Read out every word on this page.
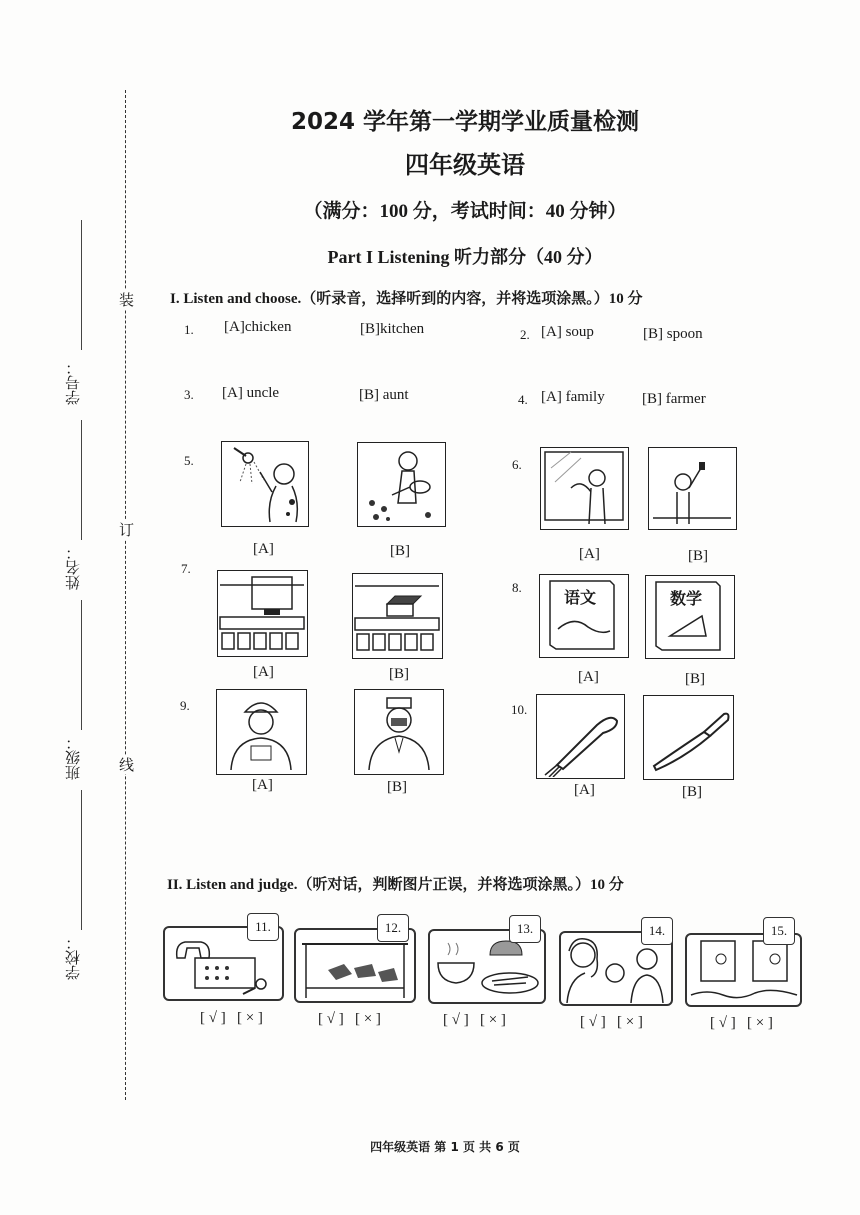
装
订
线
学号：
姓名：
班级：
学校：
2024 学年第一学期学业质量检测
四年级英语
（满分：100 分，考试时间：40 分钟）
Part I Listening 听力部分（40 分）
I. Listen and choose.（听录音，选择听到的内容，并将选项涂黑。）10 分
1. [A]chicken	[B]kitchen	2. [A] soup	[B] spoon
3. [A] uncle	[B] aunt	4. [A] family [B] farmer
5.
[A]	[B]
6.
[A]	[B]
7.
[A]	[B]
8.
语文	数学
[A]	[B]
9.
[A]	[B]
10.
[A]	[B]
II. Listen and judge.（听对话，判断图片正误，并将选项涂黑。）10 分
11.
[ √ ]   [ × ]
12.
[ √ ]   [ × ]
13.
[ √ ]   [ × ]
14.
[ √ ]   [ × ]
15.
[ √ ]   [ × ]
四年级英语 第 1 页 共 6 页
